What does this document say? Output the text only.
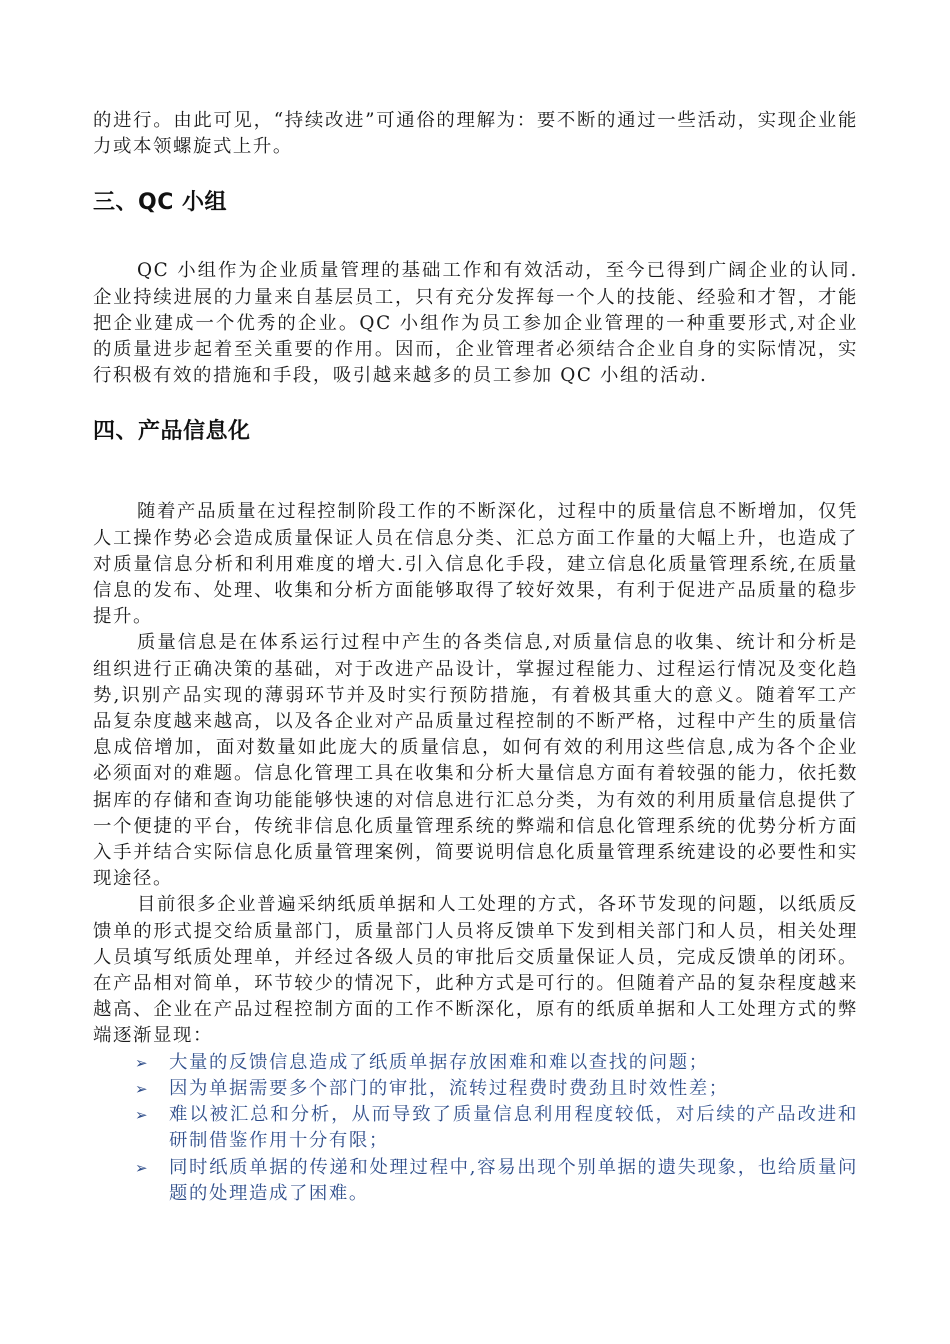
的进行。由此可见，“持续改进”可通俗的理解为：要不断的通过一些活动，实现企业能力或本领螺旋式上升。

三、QC 小组

QC 小组作为企业质量管理的基础工作和有效活动，至今已得到广阔企业的认同.企业持续进展的力量来自基层员工，只有充分发挥每一个人的技能、经验和才智，才能把企业建成一个优秀的企业。QC 小组作为员工参加企业管理的一种重要形式,对企业的质量进步起着至关重要的作用。因而，企业管理者必须结合企业自身的实际情况，实行积极有效的措施和手段，吸引越来越多的员工参加 QC 小组的活动.

四、产品信息化

随着产品质量在过程控制阶段工作的不断深化，过程中的质量信息不断增加，仅凭人工操作势必会造成质量保证人员在信息分类、汇总方面工作量的大幅上升，也造成了对质量信息分析和利用难度的增大.引入信息化手段，建立信息化质量管理系统,在质量信息的发布、处理、收集和分析方面能够取得了较好效果，有利于促进产品质量的稳步提升。

质量信息是在体系运行过程中产生的各类信息,对质量信息的收集、统计和分析是组织进行正确决策的基础，对于改进产品设计，掌握过程能力、过程运行情况及变化趋势,识别产品实现的薄弱环节并及时实行预防措施，有着极其重大的意义。随着军工产品复杂度越来越高，以及各企业对产品质量过程控制的不断严格，过程中产生的质量信息成倍增加，面对数量如此庞大的质量信息，如何有效的利用这些信息,成为各个企业必须面对的难题。信息化管理工具在收集和分析大量信息方面有着较强的能力，依托数据库的存储和查询功能能够快速的对信息进行汇总分类，为有效的利用质量信息提供了一个便捷的平台，传统非信息化质量管理系统的弊端和信息化管理系统的优势分析方面入手并结合实际信息化质量管理案例，简要说明信息化质量管理系统建设的必要性和实现途径。

目前很多企业普遍采纳纸质单据和人工处理的方式，各环节发现的问题，以纸质反馈单的形式提交给质量部门，质量部门人员将反馈单下发到相关部门和人员，相关处理人员填写纸质处理单，并经过各级人员的审批后交质量保证人员，完成反馈单的闭环。在产品相对简单，环节较少的情况下，此种方式是可行的。但随着产品的复杂程度越来越高、企业在产品过程控制方面的工作不断深化，原有的纸质单据和人工处理方式的弊端逐渐显现：

➢	大量的反馈信息造成了纸质单据存放困难和难以查找的问题；
➢	因为单据需要多个部门的审批，流转过程费时费劲且时效性差；
➢	难以被汇总和分析，从而导致了质量信息利用程度较低，对后续的产品改进和研制借鉴作用十分有限；
➢	同时纸质单据的传递和处理过程中,容易出现个别单据的遗失现象，也给质量问题的处理造成了困难。
